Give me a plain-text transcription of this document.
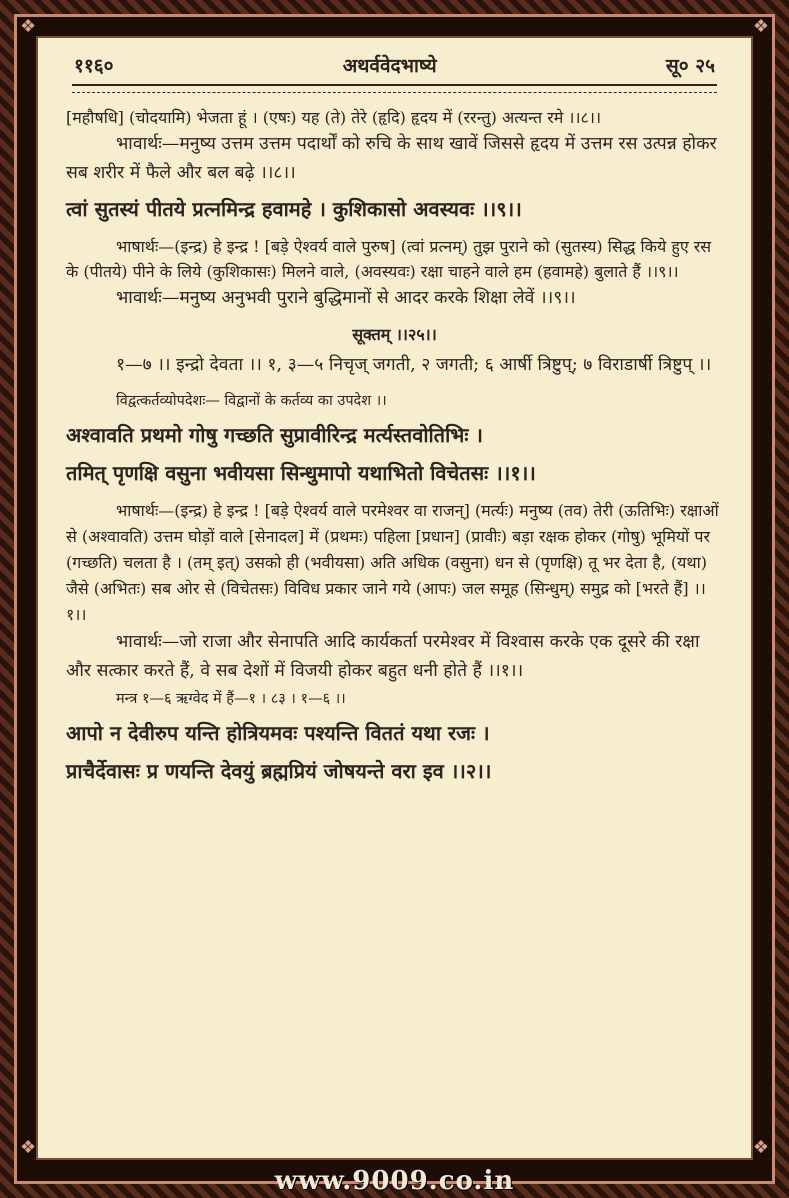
❖	❖
❖	❖
११६०	अथर्ववेदभाष्ये	सू० २५

[महौषधि] (चोदयामि) भेजता हूं । (एषः) यह (ते) तेरे (हृदि) हृदय में (ररन्तु) अत्यन्त रमे ।।८।।

भावार्थः—मनुष्य उत्तम उत्तम पदार्थों को रुचि के साथ खावें जिससे हृदय में उत्तम रस उत्पन्न होकर सब शरीर में फैले और बल बढ़े ।।८।।

त्वां सुतस्यं पीतये प्रत्नमिन्द्र हवामहे । कुशिकासो अवस्यवः ।।९।।

भाषार्थः—(इन्द्र) हे इन्द्र ! [बड़े ऐश्वर्य वाले पुरुष] (त्वां प्रत्नम्) तुझ पुराने को (सुतस्य) सिद्ध किये हुए रस के (पीतये) पीने के लिये (कुशिकासः) मिलने वाले, (अवस्यवः) रक्षा चाहने वाले हम (हवामहे) बुलाते हैं ।।९।।

भावार्थः—मनुष्य अनुभवी पुराने बुद्धिमानों से आदर करके शिक्षा लेवें ।।९।।

सूक्तम् ।।२५।।

१—७ ।। इन्द्रो देवता ।। १, ३—५ निचृज् जगती, २ जगती; ६ आर्षी त्रिष्टुप्; ७ विराडार्षी त्रिष्टुप् ।।

विद्वत्कर्तव्योपदेशः— विद्वानों के कर्तव्य का उपदेश ।।

अश्वावति प्रथमो गोषु गच्छति सुप्रावीरिन्द्र मर्त्यस्तवोतिभिः ।

तमित् पृणक्षि वसुना भवीयसा सिन्धुमापो यथाभितो विचेतसः ।।१।।

भाषार्थः—(इन्द्र) हे इन्द्र ! [बड़े ऐश्वर्य वाले परमेश्वर वा राजन्] (मर्त्यः) मनुष्य (तव) तेरी (ऊतिभिः) रक्षाओं से (अश्वावति) उत्तम घोड़ों वाले [सेनादल] में (प्रथमः) पहिला [प्रधान] (प्रावीः) बड़ा रक्षक होकर (गोषु) भूमियों पर (गच्छति) चलता है । (तम् इत्) उसको ही (भवीयसा) अति अधिक (वसुना) धन से (पृणक्षि) तू भर देता है, (यथा) जैसे (अभितः) सब ओर से (विचेतसः) विविध प्रकार जाने गये (आपः) जल समूह (सिन्धुम्) समुद्र को [भरते हैं] ।।१।।

भावार्थः—जो राजा और सेनापति आदि कार्यकर्ता परमेश्वर में विश्वास करके एक दूसरे की रक्षा और सत्कार करते हैं, वे सब देशों में विजयी होकर बहुत धनी होते हैं ।।१।।

मन्त्र १—६ ऋग्वेद में हैं—१ । ८३ । १—६ ।।

आपो न देवीरुप यन्ति होत्रियमवः पश्यन्ति विततं यथा रजः ।

प्राचैर्देवासः प्र णयन्ति देवयुं ब्रह्मप्रियं जोषयन्ते वरा इव ।।२।।

www.9009.co.in
